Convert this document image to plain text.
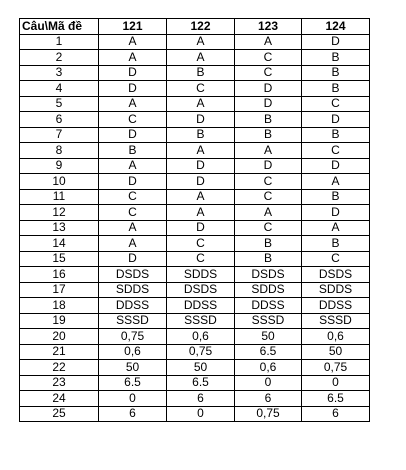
Câu\Mã đề	121	122	123	124
1	A	A	A	D
2	A	A	C	B
3	D	B	C	B
4	D	C	D	B
5	A	A	D	C
6	C	D	B	D
7	D	B	B	B
8	B	A	A	C
9	A	D	D	D
10	D	D	C	A
11	C	A	C	B
12	C	A	A	D
13	A	D	C	A
14	A	C	B	B
15	D	C	B	C
16	DSDS	SDDS	DSDS	DSDS
17	SDDS	DSDS	SDDS	SDDS
18	DDSS	DDSS	DDSS	DDSS
19	SSSD	SSSD	SSSD	SSSD
20	0,75	0,6	50	0,6
21	0,6	0,75	6.5	50
22	50	50	0,6	0,75
23	6.5	6.5	0	0
24	0	6	6	6.5
25	6	0	0,75	6
